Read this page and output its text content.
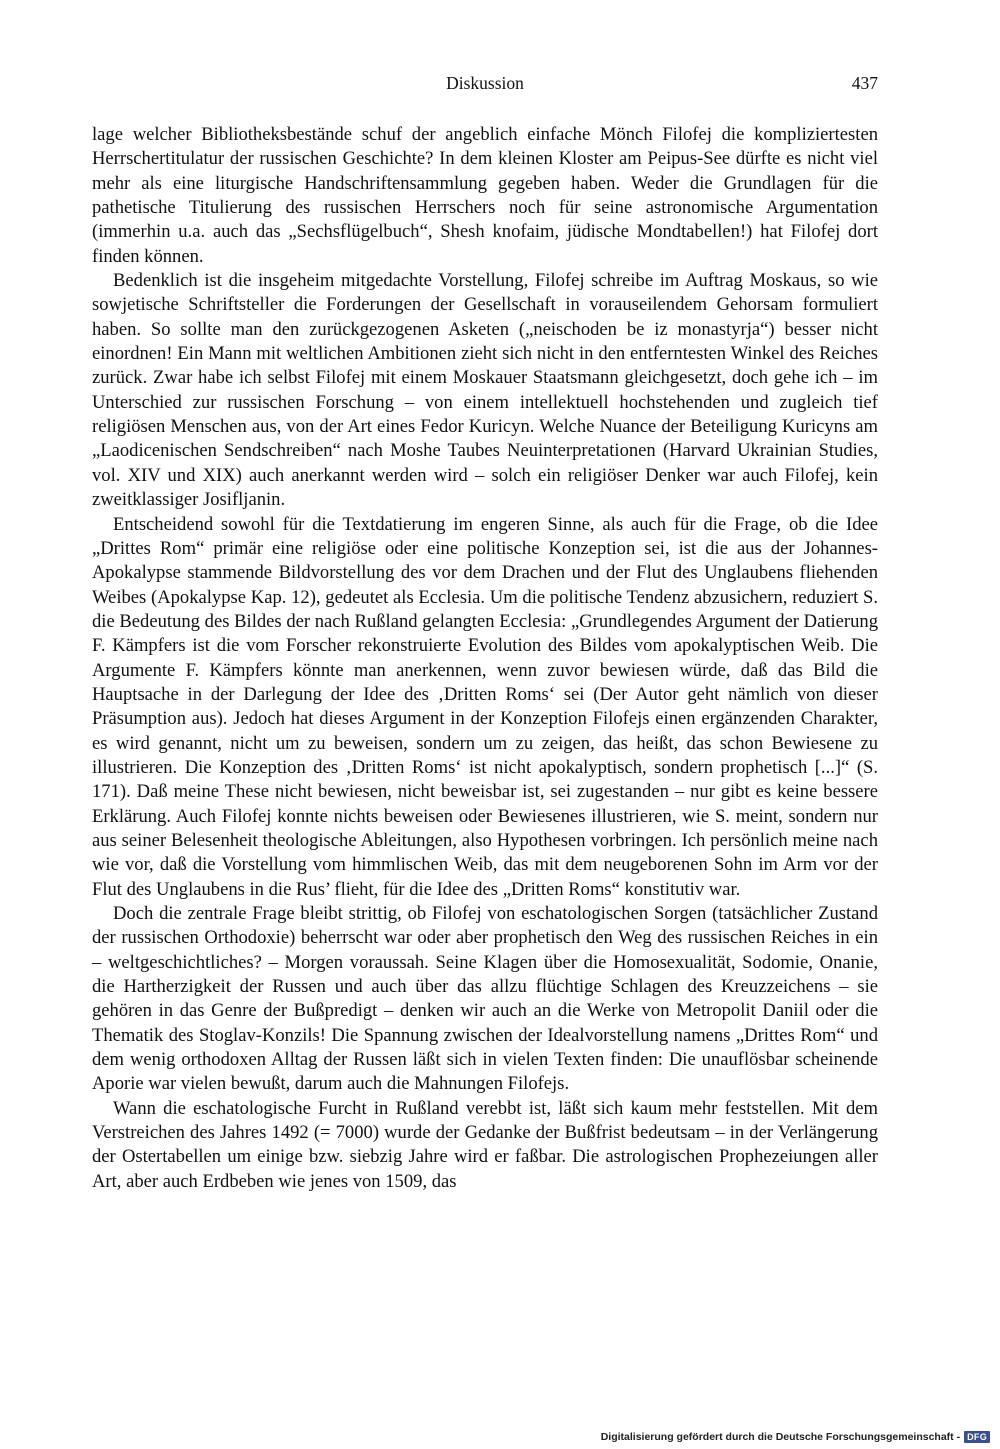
Diskussion	437

lage welcher Bibliotheksbestände schuf der angeblich einfache Mönch Filofej die kompliziertesten Herrschertitulatur der russischen Geschichte? In dem kleinen Kloster am Peipus-See dürfte es nicht viel mehr als eine liturgische Handschriftensammlung gegeben haben. Weder die Grundlagen für die pathetische Titulierung des russischen Herrschers noch für seine astronomische Argumentation (immerhin u.a. auch das „Sechsflügelbuch“, Shesh knofaim, jüdische Mondtabellen!) hat Filofej dort finden können.

Bedenklich ist die insgeheim mitgedachte Vorstellung, Filofej schreibe im Auftrag Moskaus, so wie sowjetische Schriftsteller die Forderungen der Gesellschaft in vorauseilendem Gehorsam formuliert haben. So sollte man den zurückgezogenen Asketen („neischoden be iz monastyrja“) besser nicht einordnen! Ein Mann mit weltlichen Ambitionen zieht sich nicht in den entferntesten Winkel des Reiches zurück. Zwar habe ich selbst Filofej mit einem Moskauer Staatsmann gleichgesetzt, doch gehe ich – im Unterschied zur russischen Forschung – von einem intellektuell hochstehenden und zugleich tief religiösen Menschen aus, von der Art eines Fedor Kuricyn. Welche Nuance der Beteiligung Kuricyns am „Laodicenischen Sendschreiben“ nach Moshe Taubes Neuinterpretationen (Harvard Ukrainian Studies, vol. XIV und XIX) auch anerkannt werden wird – solch ein religiöser Denker war auch Filofej, kein zweitklassiger Josifljanin.

Entscheidend sowohl für die Textdatierung im engeren Sinne, als auch für die Frage, ob die Idee „Drittes Rom“ primär eine religiöse oder eine politische Konzeption sei, ist die aus der Johannes-Apokalypse stammende Bildvorstellung des vor dem Drachen und der Flut des Unglaubens fliehenden Weibes (Apokalypse Kap. 12), gedeutet als Ecclesia. Um die politische Tendenz abzusichern, reduziert S. die Bedeutung des Bildes der nach Rußland gelangten Ecclesia: „Grundlegendes Argument der Datierung F. Kämpfers ist die vom Forscher rekonstruierte Evolution des Bildes vom apokalyptischen Weib. Die Argumente F. Kämpfers könnte man anerkennen, wenn zuvor bewiesen würde, daß das Bild die Hauptsache in der Darlegung der Idee des ‚Dritten Roms‘ sei (Der Autor geht nämlich von dieser Präsumption aus). Jedoch hat dieses Argument in der Konzeption Filofejs einen ergänzenden Charakter, es wird genannt, nicht um zu beweisen, sondern um zu zeigen, das heißt, das schon Bewiesene zu illustrieren. Die Konzeption des ‚Dritten Roms‘ ist nicht apokalyptisch, sondern prophetisch [...]“ (S. 171). Daß meine These nicht bewiesen, nicht beweisbar ist, sei zugestanden – nur gibt es keine bessere Erklärung. Auch Filofej konnte nichts beweisen oder Bewiesenes illustrieren, wie S. meint, sondern nur aus seiner Belesenheit theologische Ableitungen, also Hypothesen vorbringen. Ich persönlich meine nach wie vor, daß die Vorstellung vom himmlischen Weib, das mit dem neugeborenen Sohn im Arm vor der Flut des Unglaubens in die Rus’ flieht, für die Idee des „Dritten Roms“ konstitutiv war.

Doch die zentrale Frage bleibt strittig, ob Filofej von eschatologischen Sorgen (tatsächlicher Zustand der russischen Orthodoxie) beherrscht war oder aber prophetisch den Weg des russischen Reiches in ein – weltgeschichtliches? – Morgen voraussah. Seine Klagen über die Homosexualität, Sodomie, Onanie, die Hartherzigkeit der Russen und auch über das allzu flüchtige Schlagen des Kreuzzeichens – sie gehören in das Genre der Bußpredigt – denken wir auch an die Werke von Metropolit Daniil oder die Thematik des Stoglav-Konzils! Die Spannung zwischen der Idealvorstellung namens „Drittes Rom“ und dem wenig orthodoxen Alltag der Russen läßt sich in vielen Texten finden: Die unauflösbar scheinende Aporie war vielen bewußt, darum auch die Mahnungen Filofejs.

Wann die eschatologische Furcht in Rußland verebbt ist, läßt sich kaum mehr feststellen. Mit dem Verstreichen des Jahres 1492 (= 7000) wurde der Gedanke der Bußfrist bedeutsam – in der Verlängerung der Ostertabellen um einige bzw. siebzig Jahre wird er faßbar. Die astrologischen Prophezeiungen aller Art, aber auch Erdbeben wie jenes von 1509, das

Digitalisierung gefördert durch die Deutsche Forschungsgemeinschaft - DFG
